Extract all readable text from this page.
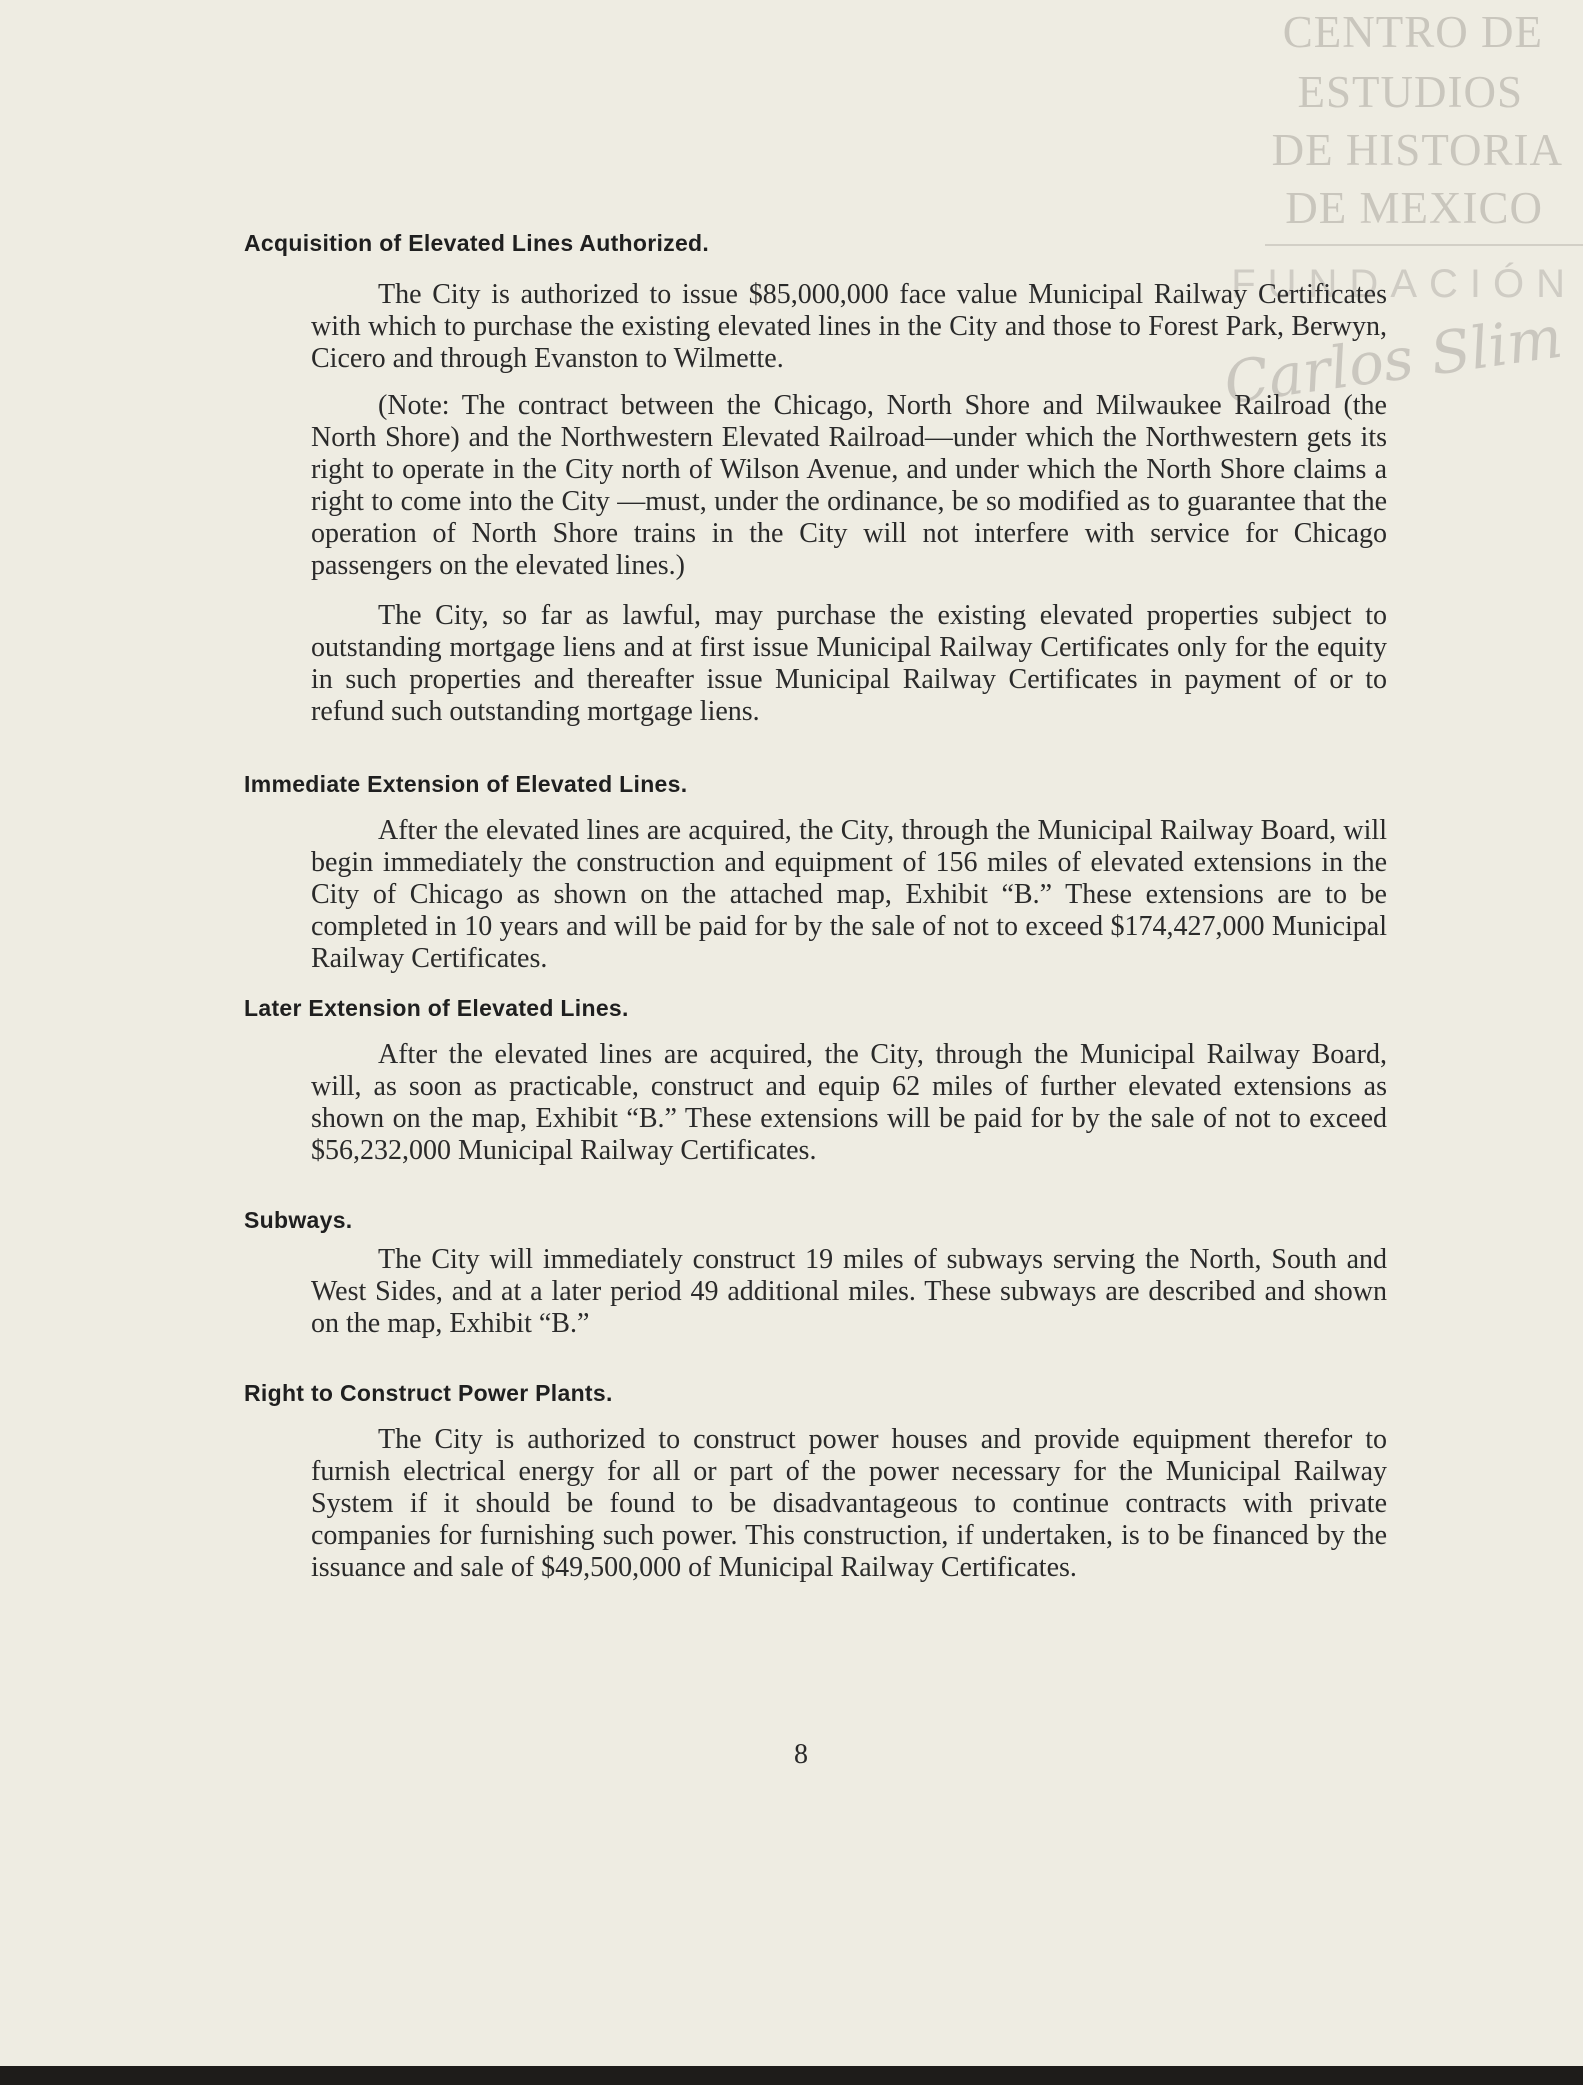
CENTRO DE
ESTUDIOS
DE HISTORIA
DE MEXICO
FUNDACIÓN
Carlos Slim
Acquisition of Elevated Lines Authorized.

The City is authorized to issue $85,000,000 face value Municipal Railway Certificates with which to purchase the existing elevated lines in the City and those to Forest Park, Berwyn, Cicero and through Evanston to Wilmette.

(Note: The contract between the Chicago, North Shore and Milwaukee Railroad (the North Shore) and the Northwestern Elevated Railroad—under which the Northwestern gets its right to operate in the City north of Wilson Avenue, and under which the North Shore claims a right to come into the City —must, under the ordinance, be so modified as to guarantee that the operation of North Shore trains in the City will not interfere with service for Chicago passengers on the elevated lines.)

The City, so far as lawful, may purchase the existing elevated properties subject to outstanding mortgage liens and at first issue Municipal Railway Certificates only for the equity in such properties and thereafter issue Municipal Railway Certificates in payment of or to refund such outstanding mortgage liens.

Immediate Extension of Elevated Lines.

After the elevated lines are acquired, the City, through the Municipal Railway Board, will begin immediately the construction and equipment of 156 miles of elevated extensions in the City of Chicago as shown on the attached map, Exhibit “B.” These extensions are to be completed in 10 years and will be paid for by the sale of not to exceed $174,427,000 Municipal Railway Certificates.

Later Extension of Elevated Lines.

After the elevated lines are acquired, the City, through the Municipal Railway Board, will, as soon as practicable, construct and equip 62 miles of further elevated extensions as shown on the map, Exhibit “B.” These extensions will be paid for by the sale of not to exceed $56,232,000 Municipal Railway Certificates.

Subways.

The City will immediately construct 19 miles of subways serving the North, South and West Sides, and at a later period 49 additional miles. These subways are described and shown on the map, Exhibit “B.”

Right to Construct Power Plants.

The City is authorized to construct power houses and provide equipment therefor to furnish electrical energy for all or part of the power necessary for the Municipal Railway System if it should be found to be disadvantageous to continue contracts with private companies for furnishing such power. This construction, if undertaken, is to be financed by the issuance and sale of $49,500,000 of Municipal Railway Certificates.

8
